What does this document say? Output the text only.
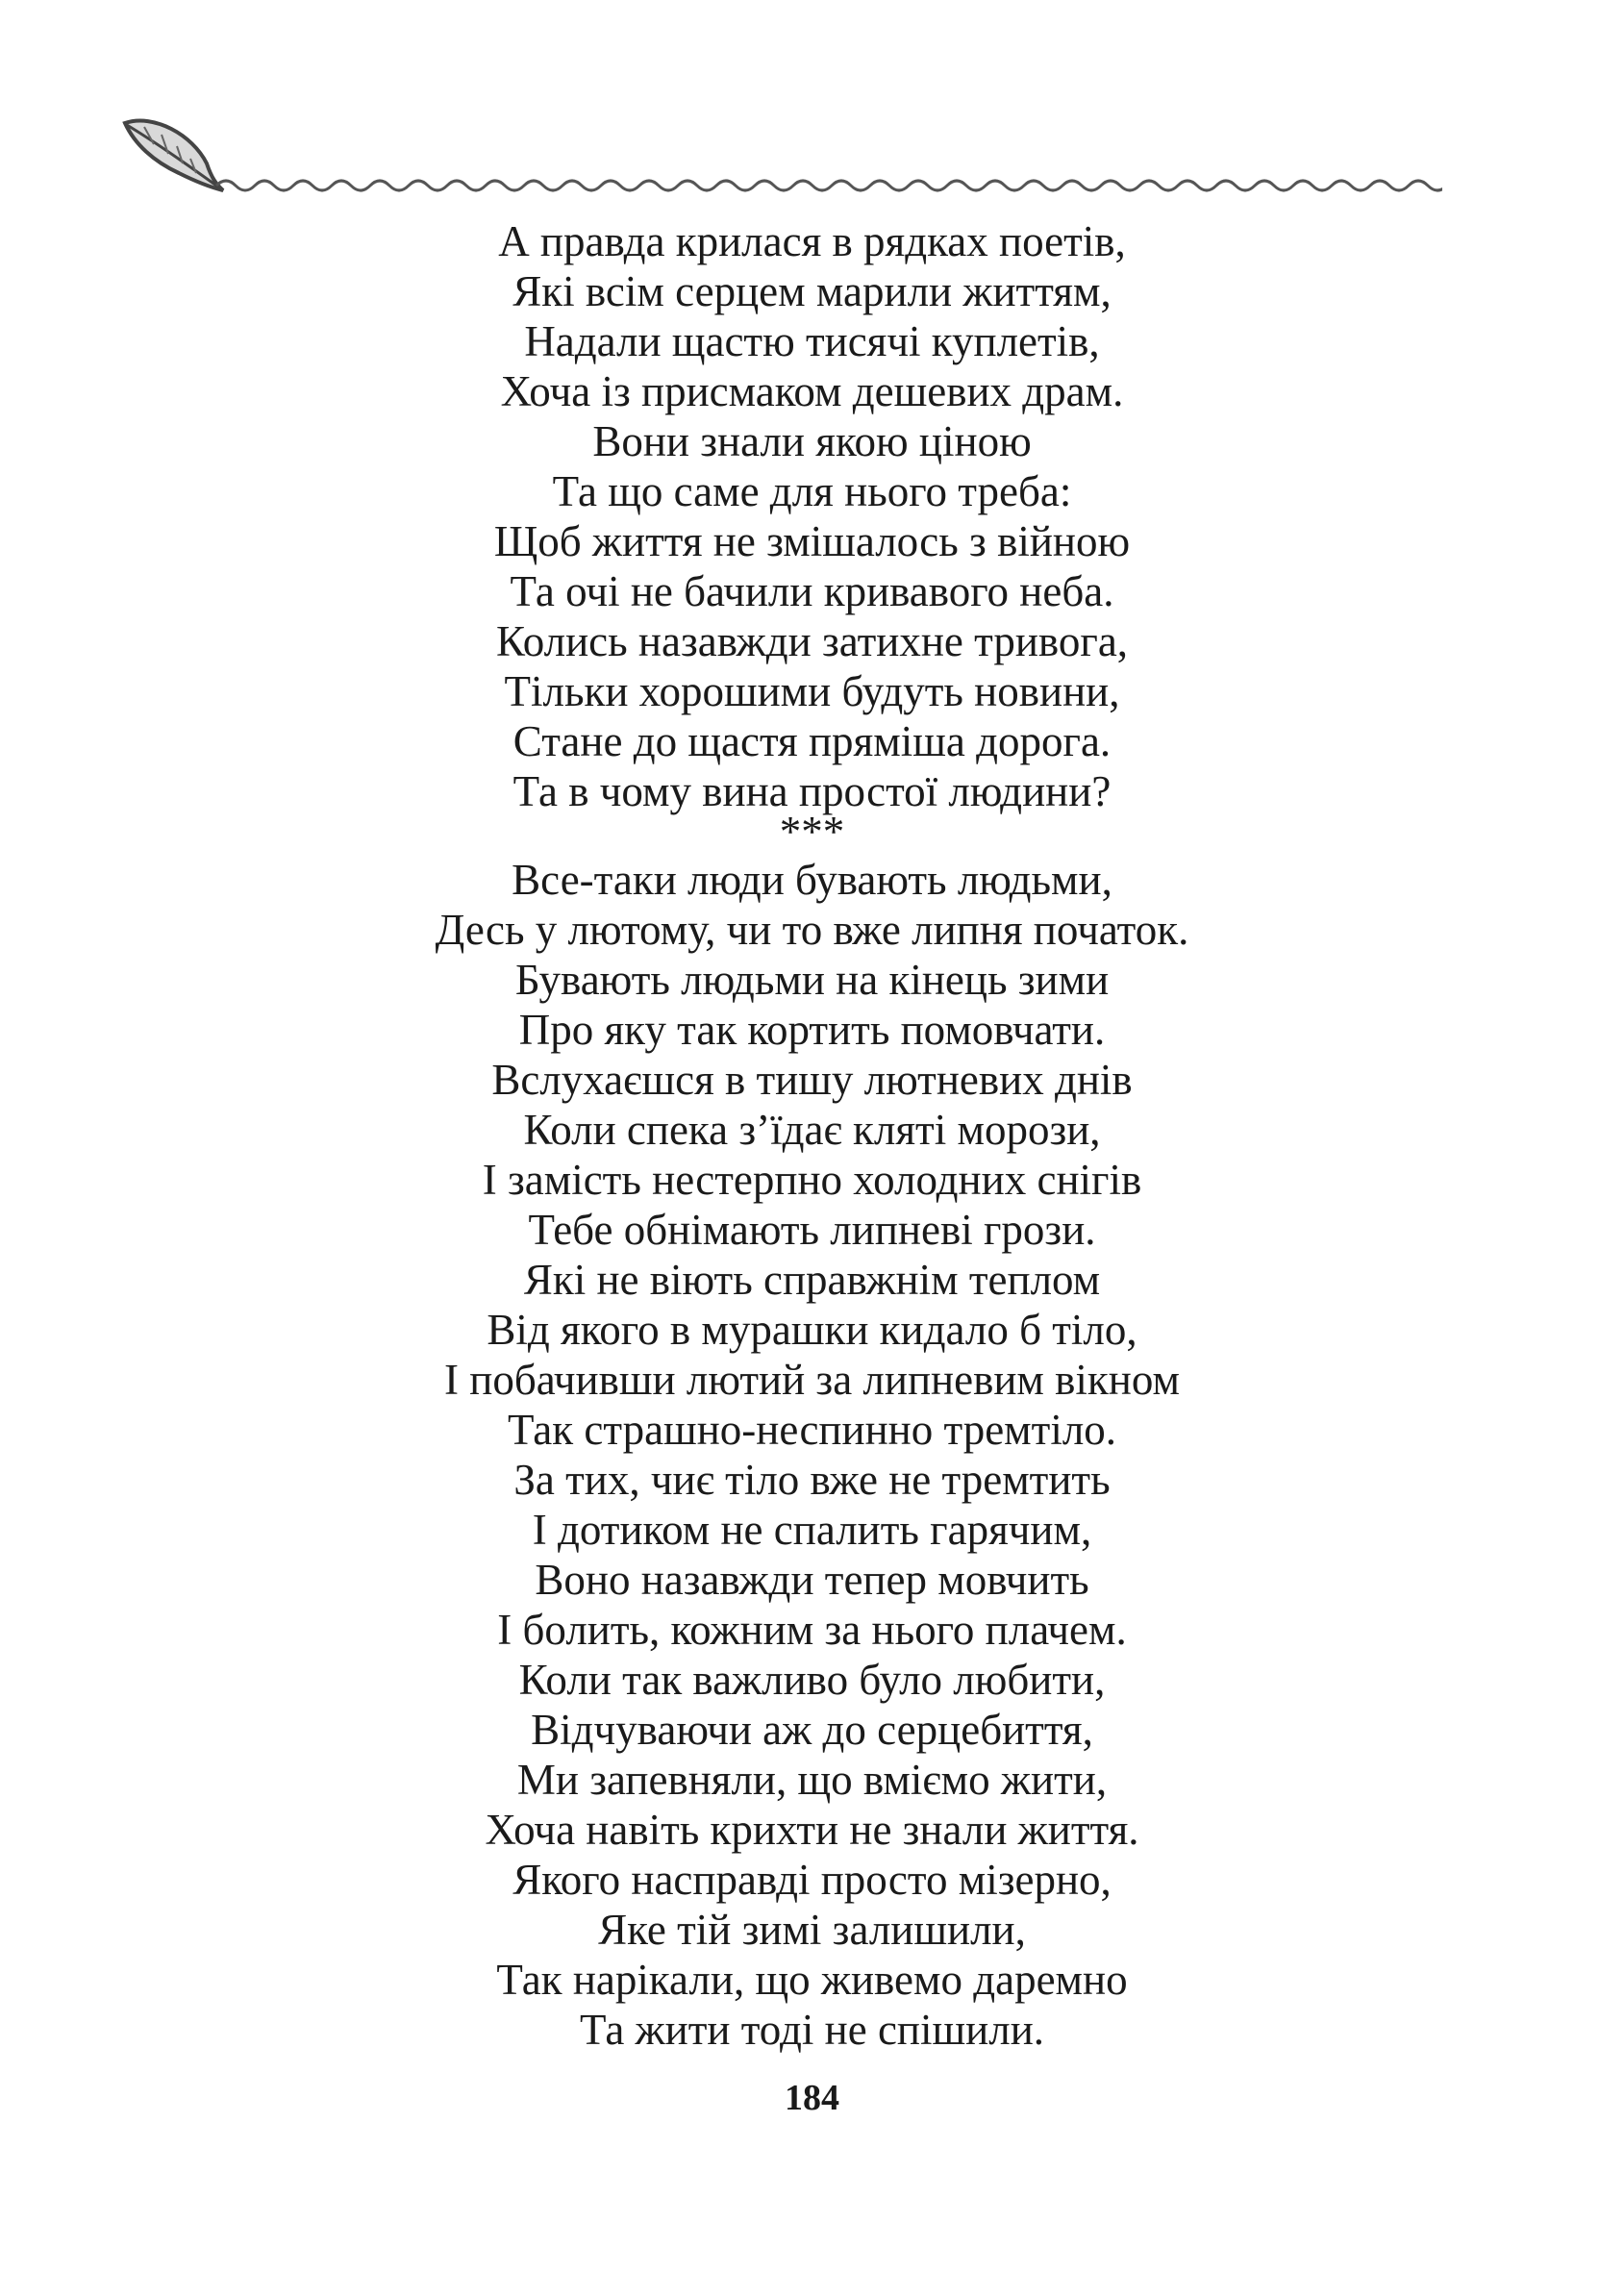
А правда крилася в рядках поетів,
Які всім серцем марили життям,
Надали щастю тисячі куплетів,
Хоча із присмаком дешевих драм.
Вони знали якою ціною
Та що саме для нього треба:
Щоб життя не змішалось з війною
Та очі не бачили кривавого неба.
Колись назавжди затихне тривога,
Тільки хорошими будуть новини,
Стане до щастя пряміша дорога.
Та в чому вина простої людини?
***
Все-таки люди бувають людьми,
Десь у лютому, чи то вже липня початок.
Бувають людьми на кінець зими
Про яку так кортить помовчати.
Вслухаєшся в тишу лютневих днів
Коли спека з’їдає кляті морози,
І замість нестерпно холодних снігів
Тебе обнімають липневі грози.
Які не віють справжнім теплом
Від якого в мурашки кидало б тіло,
І побачивши лютий за липневим вікном
Так страшно-неспинно тремтіло.
За тих, чиє тіло вже не тремтить
І дотиком не спалить гарячим,
Воно назавжди тепер мовчить
І болить, кожним за нього плачем.
Коли так важливо було любити,
Відчуваючи аж до серцебиття,
Ми запевняли, що вміємо жити,
Хоча навіть крихти не знали життя.
Якого насправді просто мізерно,
Яке тій зимі залишили,
Так нарікали, що живемо даремно
Та жити тоді не спішили.
184
